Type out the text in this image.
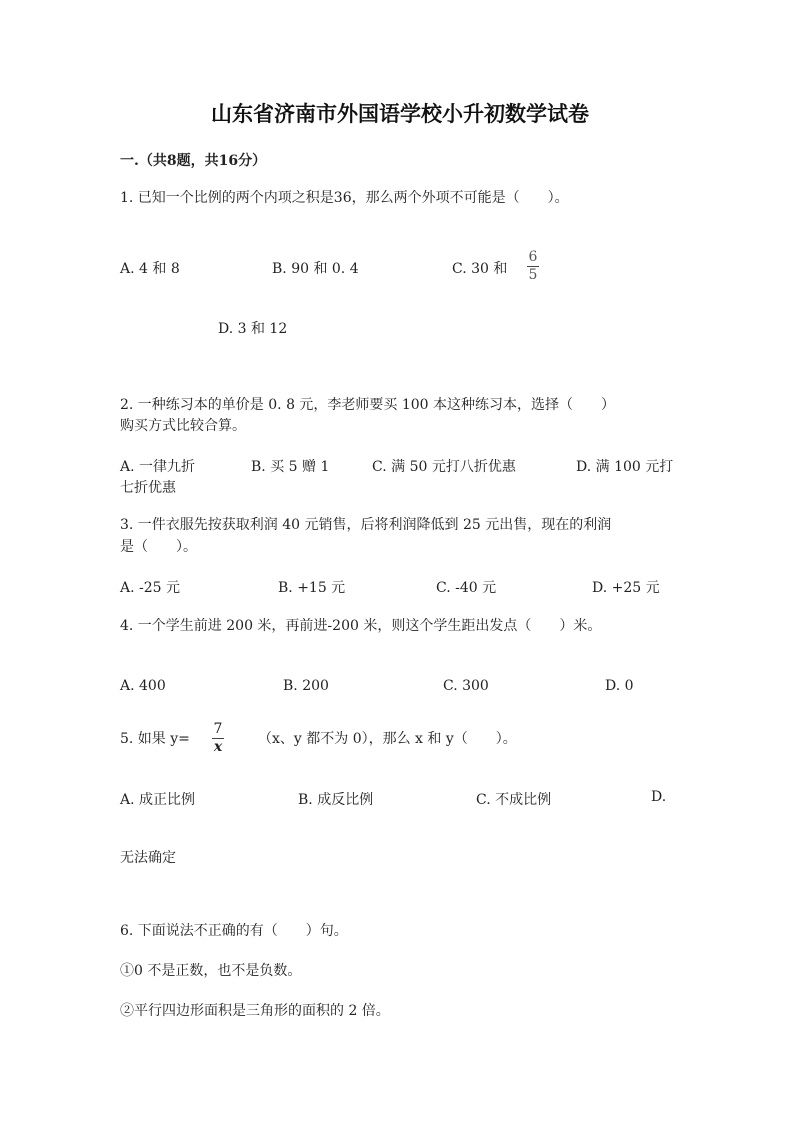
山东省济南市外国语学校小升初数学试卷
一.（共8题，共16分）
1. 已知一个比例的两个内项之积是36，那么两个外项不可能是（　　）。
A. 4 和 8	B. 90 和 0. 4	C. 30 和
6
5
D. 3 和 12
2. 一种练习本的单价是 0. 8 元，李老师要买 100 本这种练习本，选择（　　）
购买方式比较合算。
A. 一律九折	B. 买 5 赠 1	C. 满 50 元打八折优惠	D. 满 100 元打
七折优惠
3. 一件衣服先按获取利润 40 元销售，后将利润降低到 25 元出售，现在的利润
是（　　）。
A. -25 元	B. +15 元	C. -40 元	D. +25 元
4. 一个学生前进 200 米，再前进-200 米，则这个学生距出发点（　　）米。
A. 400	B. 200	C. 300	D. 0
5. 如果 y=
7
x	（x、y 都不为 0），那么 x 和 y（　　）。
A. 成正比例	B. 成反比例	C. 不成比例	D.
无法确定
6. 下面说法不正确的有（　　）句。
①0 不是正数，也不是负数。
②平行四边形面积是三角形的面积的 2 倍。
